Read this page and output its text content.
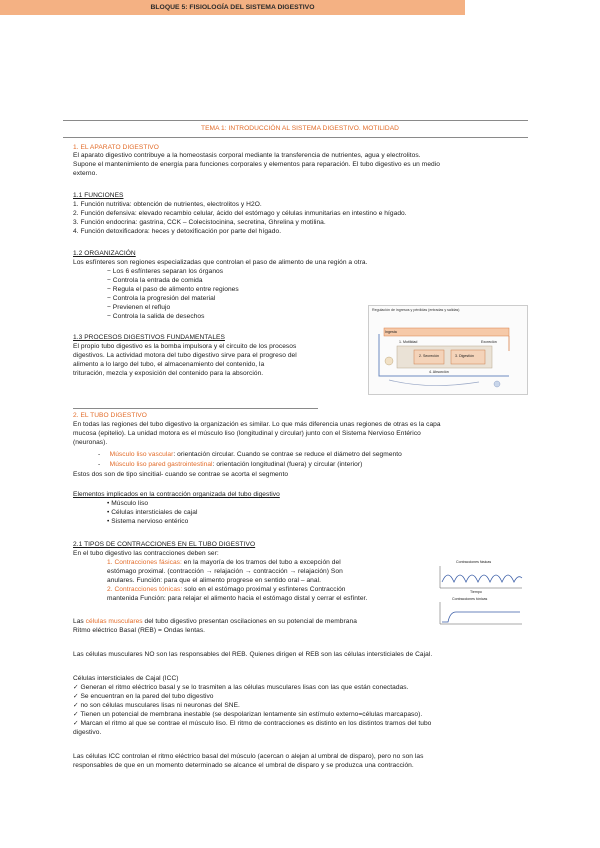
BLOQUE 5: FISIOLOGÍA DEL SISTEMA DIGESTIVO
TEMA 1: INTRODUCCIÓN AL SISTEMA DIGESTIVO. MOTILIDAD
1. EL APARATO DIGESTIVO
El aparato digestivo contribuye a la homeostasis corporal mediante la transferencia de nutrientes, agua y electrolitos.
Supone el mantenimiento de energía para funciones corporales y elementos para reparación. El tubo digestivo es un medio
externo.
1.1 FUNCIONES
1. Función nutritiva: obtención de nutrientes, electrolitos y H2O.
2. Función defensiva: elevado recambio celular, ácido del estómago y células inmunitarias en intestino e hígado.
3. Función endocrina: gastrina, CCK – Colecistocinina, secretina, Ghrelina y motilina.
4. Función detoxificadora: heces y detoxificación por parte del hígado.
1.2 ORGANIZACIÓN
Los esfínteres son regiones especializadas que controlan el paso de alimento de una región a otra.
− Los 6 esfínteres separan los órganos
− Controla la entrada de comida
− Regula el paso de alimento entre regiones
− Controla la progresión del material
− Previenen el reflujo
− Controla la salida de desechos
1.3 PROCESOS DIGESTIVOS FUNDAMENTALES
El propio tubo digestivo es la bomba impulsora y el circuito de los procesos
digestivos. La actividad motora del tubo digestivo sirve para el progreso del
alimento a lo largo del tubo, el almacenamiento del contenido, la
trituración, mezcla y exposición del contenido para la absorción.
Regulación de ingresos y pérdidas (entradas y salidas)
Ingesta
1. Motilidad
2. Secreción	3. Digestión
4. Absorción
Excreción
2. EL TUBO DIGESTIVO
En todas las regiones del tubo digestivo la organización es similar. Lo que más diferencia unas regiones de otras es la capa
mucosa (epitelio). La unidad motora es el músculo liso (longitudinal y circular) junto con el Sistema Nervioso Entérico
(neuronas).
-     Músculo liso vascular: orientación circular. Cuando se contrae se reduce el diámetro del segmento
-     Músculo liso pared gastrointestinal: orientación longitudinal (fuera) y circular (interior)
Estos dos son de tipo sincitial- cuando se contrae se acorta el segmento
Elementos implicados en la contracción organizada del tubo digestivo
• Músculo liso
• Células intersticiales de cajal
• Sistema nervioso entérico
2.1 TIPOS DE CONTRACCIONES EN EL TUBO DIGESTIVO
En el tubo digestivo las contracciones deben ser:
1. Contracciones fásicas: en la mayoría de los tramos del tubo a excepción del
estómago proximal. (contracción → relajación → contracción → relajación) Son
anulares. Función: para que el alimento progrese en sentido oral – anal.
2. Contracciones tónicas: solo en el estómago proximal y esfínteres Contracción
mantenida Función: para relajar el alimento hacia el estómago distal y cerrar el esfínter.
Contracciones fásicas
Tiempo
Contracciones tónicas
Las células musculares del tubo digestivo presentan oscilaciones en su potencial de membrana
Ritmo eléctrico Basal (REB) = Ondas lentas.
Las células musculares NO son las responsables del REB. Quienes dirigen el REB son las células intersticiales de Cajal.
Células intersticiales de Cajal (ICC)
✓ Generan el ritmo eléctrico basal y se lo trasmiten a las células musculares lisas con las que están conectadas.
✓ Se encuentran en la pared del tubo digestivo
✓ no son células musculares lisas ni neuronas del SNE.
✓ Tienen un potencial de membrana inestable (se despolarizan lentamente sin estímulo externo=células marcapaso).
✓ Marcan el ritmo al que se contrae el músculo liso. El ritmo de contracciones es distinto en los distintos tramos del tubo
digestivo.
Las células ICC controlan el ritmo eléctrico basal del músculo (acercan o alejan al umbral de disparo), pero no son las
responsables de que en un momento determinado se alcance el umbral de disparo y se produzca una contracción.
